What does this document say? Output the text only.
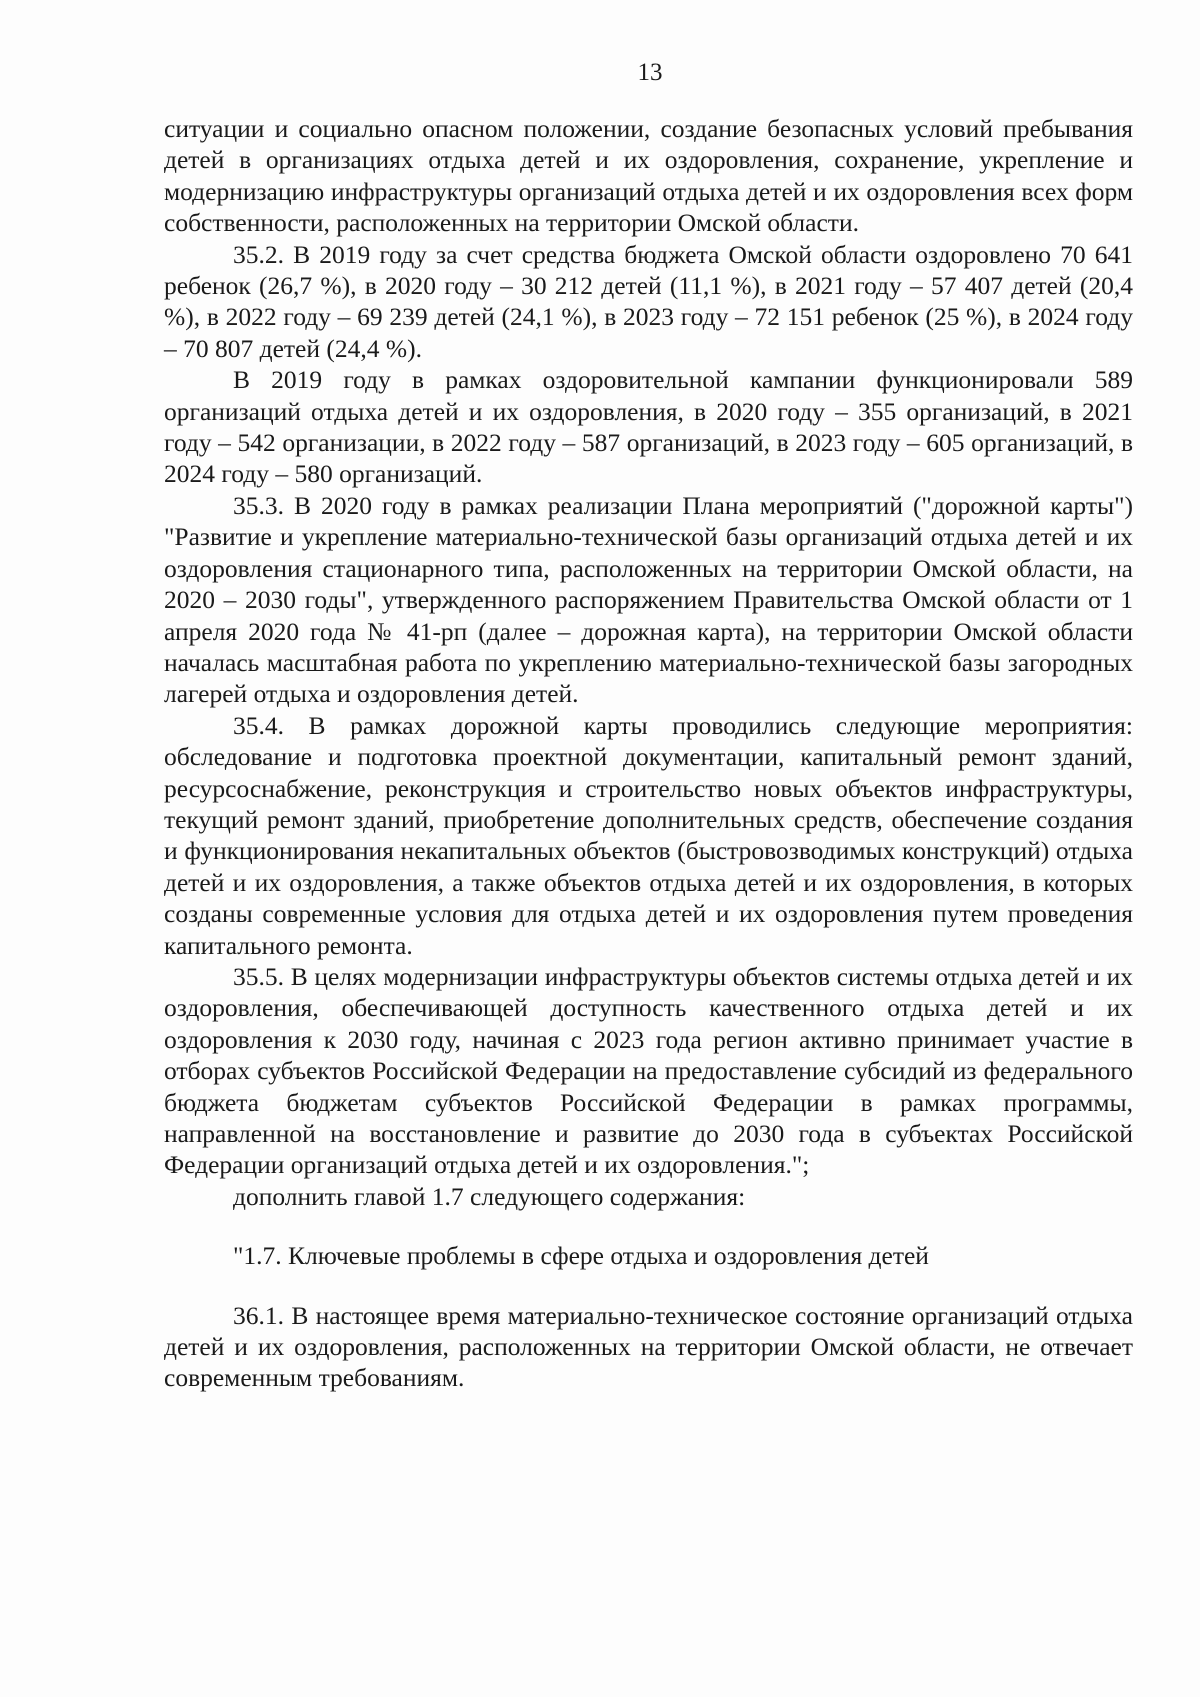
13

ситуации и социально опасном положении, создание безопасных условий пребывания детей в организациях отдыха детей и их оздоровления, сохранение, укрепление и модернизацию инфраструктуры организаций отдыха детей и их оздоровления всех форм собственности, расположенных на территории Омской области.

35.2. В 2019 году за счет средства бюджета Омской области оздоровлено 70 641 ребенок (26,7 %), в 2020 году – 30 212 детей (11,1 %), в 2021 году – 57 407 детей (20,4 %), в 2022 году – 69 239 детей (24,1 %), в 2023 году – 72 151 ребенок (25 %), в 2024 году – 70 807 детей (24,4 %).

В 2019 году в рамках оздоровительной кампании функционировали 589 организаций отдыха детей и их оздоровления, в 2020 году – 355 организаций, в 2021 году – 542 организации, в 2022 году – 587 организаций, в 2023 году – 605 организаций, в 2024 году – 580 организаций.

35.3. В 2020 году в рамках реализации Плана мероприятий ("дорожной карты") "Развитие и укрепление материально-технической базы организаций отдыха детей и их оздоровления стационарного типа, расположенных на территории Омской области, на 2020 – 2030 годы", утвержденного распоряжением Правительства Омской области от 1 апреля 2020 года № 41-рп (далее – дорожная карта), на территории Омской области началась масштабная работа по укреплению материально-технической базы загородных лагерей отдыха и оздоровления детей.

35.4. В рамках дорожной карты проводились следующие мероприятия: обследование и подготовка проектной документации, капитальный ремонт зданий, ресурсоснабжение, реконструкция и строительство новых объектов инфраструктуры, текущий ремонт зданий, приобретение дополнительных средств, обеспечение создания и функционирования некапитальных объектов (быстровозводимых конструкций) отдыха детей и их оздоровления, а также объектов отдыха детей и их оздоровления, в которых созданы современные условия для отдыха детей и их оздоровления путем проведения капитального ремонта.

35.5. В целях модернизации инфраструктуры объектов системы отдыха детей и их оздоровления, обеспечивающей доступность качественного отдыха детей и их оздоровления к 2030 году, начиная с 2023 года регион активно принимает участие в отборах субъектов Российской Федерации на предоставление субсидий из федерального бюджета бюджетам субъектов Российской Федерации в рамках программы, направленной на восстановление и развитие до 2030 года в субъектах Российской Федерации организаций отдыха детей и их оздоровления.";

дополнить главой 1.7 следующего содержания:

"1.7. Ключевые проблемы в сфере отдыха и оздоровления детей

36.1. В настоящее время материально-техническое состояние организаций отдыха детей и их оздоровления, расположенных на территории Омской области, не отвечает современным требованиям.
